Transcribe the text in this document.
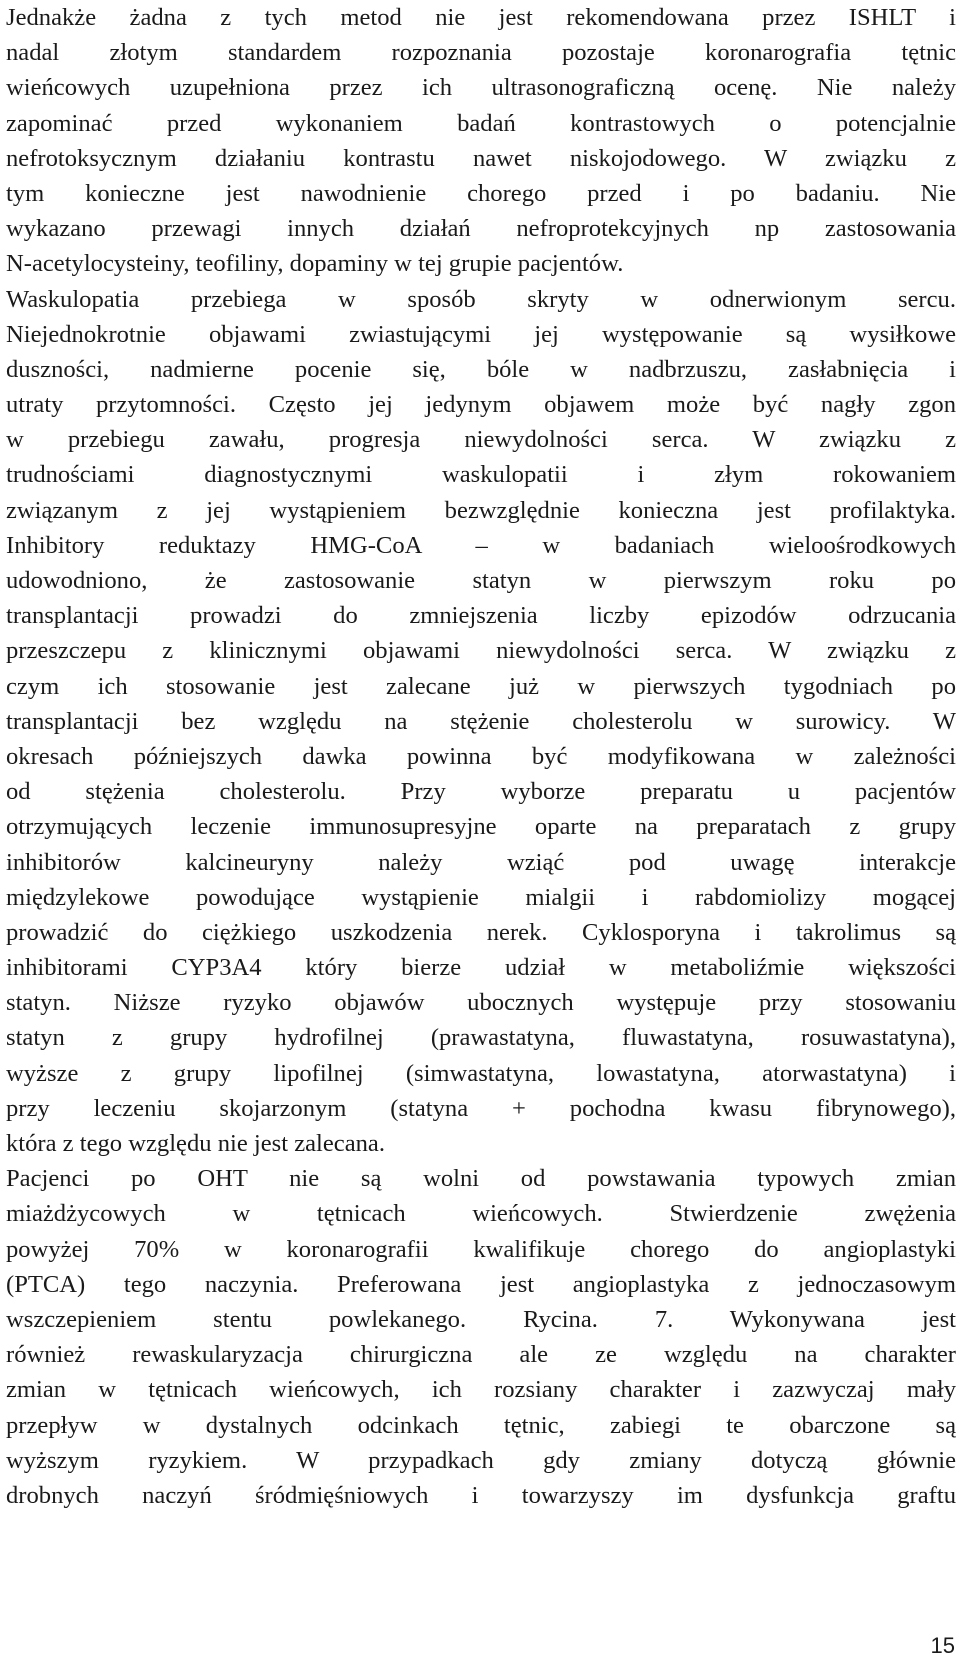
Jednakże żadna z tych metod nie jest rekomendowana przez ISHLT i
nadal złotym standardem rozpoznania pozostaje koronarografia tętnic
wieńcowych uzupełniona przez ich ultrasonograficzną ocenę. Nie należy
zapominać przed wykonaniem badań kontrastowych o potencjalnie
nefrotoksycznym działaniu kontrastu nawet niskojodowego. W związku z
tym konieczne jest nawodnienie chorego przed i po badaniu. Nie
wykazano przewagi innych działań nefroprotekcyjnych np zastosowania
N-acetylocysteiny, teofiliny, dopaminy w tej grupie pacjentów.
Waskulopatia przebiega w sposób skryty w odnerwionym sercu.
Niejednokrotnie objawami zwiastującymi jej występowanie są wysiłkowe
duszności, nadmierne pocenie się, bóle w nadbrzuszu, zasłabnięcia i
utraty przytomności. Często jej jedynym objawem może być nagły zgon
w przebiegu zawału, progresja niewydolności serca. W związku z
trudnościami diagnostycznymi waskulopatii i złym rokowaniem
związanym z jej wystąpieniem bezwzględnie konieczna jest profilaktyka.
Inhibitory reduktazy HMG-CoA – w badaniach wieloośrodkowych
udowodniono, że zastosowanie statyn w pierwszym roku po
transplantacji prowadzi do zmniejszenia liczby epizodów odrzucania
przeszczepu z klinicznymi objawami niewydolności serca. W związku z
czym ich stosowanie jest zalecane już w pierwszych tygodniach po
transplantacji bez względu na stężenie cholesterolu w surowicy. W
okresach późniejszych dawka powinna być modyfikowana w zależności
od stężenia cholesterolu. Przy wyborze preparatu u pacjentów
otrzymujących leczenie immunosupresyjne oparte na preparatach z grupy
inhibitorów kalcineuryny należy wziąć pod uwagę interakcje
międzylekowe powodujące wystąpienie mialgii i rabdomiolizy mogącej
prowadzić do ciężkiego uszkodzenia nerek. Cyklosporyna i takrolimus są
inhibitorami CYP3A4 który bierze udział w metaboliźmie większości
statyn. Niższe ryzyko objawów ubocznych występuje przy stosowaniu
statyn z grupy hydrofilnej (prawastatyna, fluwastatyna, rosuwastatyna),
wyższe z grupy lipofilnej (simwastatyna, lowastatyna, atorwastatyna) i
przy leczeniu skojarzonym (statyna + pochodna kwasu fibrynowego),
która z tego względu nie jest zalecana.
Pacjenci po OHT nie są wolni od powstawania typowych zmian
miażdżycowych w tętnicach wieńcowych. Stwierdzenie zwężenia
powyżej 70% w koronarografii kwalifikuje chorego do angioplastyki
(PTCA) tego naczynia. Preferowana jest angioplastyka z jednoczasowym
wszczepieniem stentu powlekanego. Rycina. 7. Wykonywana jest
również rewaskularyzacja chirurgiczna ale ze względu na charakter
zmian w tętnicach wieńcowych, ich rozsiany charakter i zazwyczaj mały
przepływ w dystalnych odcinkach tętnic, zabiegi te obarczone są
wyższym ryzykiem. W przypadkach gdy zmiany dotyczą głównie
drobnych naczyń śródmięśniowych i towarzyszy im dysfunkcja graftu
15
